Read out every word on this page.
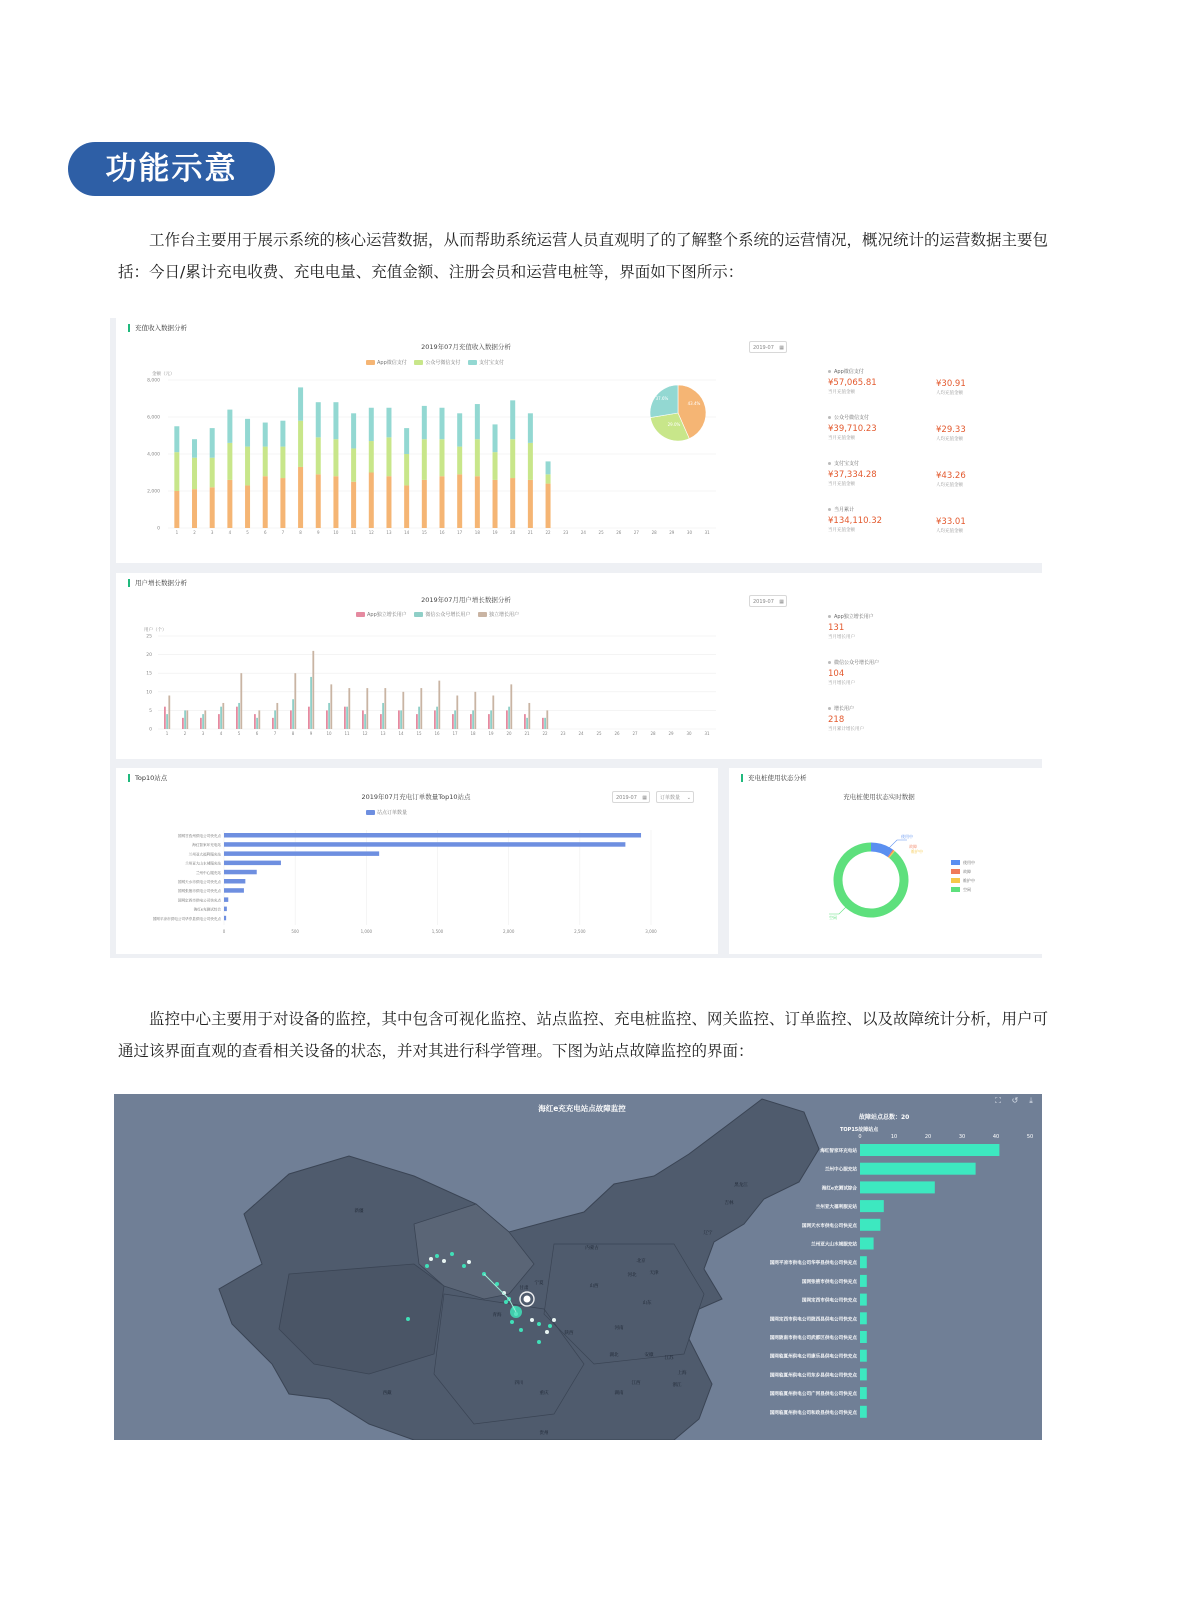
功能示意
工作台主要用于展示系统的核心运营数据，从而帮助系统运营人员直观明了的了解整个系统的运营情况，概况统计的运营数据主要包括：今日/累计充电收费、充电电量、充值金额、注册会员和运营电桩等，界面如下图所示：
充值收入数据分析
2019年07月充值收入数据分析	2019-07 ▦
App微信支付
	公众号微信支付
	支付宝支付
金额（元）
8,000
6,000
4,000
2,000
0
1	2	3	4	5	6	7	8	9	10	11	12	13	14	15	16	17	18	19	20	21	22	23	24	25	26	27	28	29	30	31
43.4%
29.0%
37.6%
App微信支付
¥57,065.81
当月充值金额
¥30.91
人均充值金额
公众号微信支付
¥39,710.23
当月充值金额
¥29.33
人均充值金额
支付宝支付
¥37,334.28
当月充值金额
¥43.26
人均充值金额
当月累计
¥134,110.32
当月充值金额
¥33.01
人均充值金额
用户增长数据分析
2019年07月用户增长数据分析	2019-07 ▦
App独立增长用户
	微信公众号增长用户
	独立增长用户
用户（个）
25
20
15
10
5
0
1	2	3	4	5	6	7	8	9	10	11	12	13	14	15	16	17	18	19	20	21	22	23	24	25	26	27	28	29	30	31
App独立增长用户
131
当月增长用户
微信公众号增长用户
104
当月增长用户
增长用户
218
当月累计增长用户
Top10站点
2019年07月充电订单数量Top10站点	2019-07 ▦	订单数量 ⌄
站点订单数量
0	500	1,000	1,500	2,000	2,500	3,000
国网甘孜州供电公司快充点
海红智家环充电站
兰州亚大福利服充站
兰州亚大山水城服充站
兰州中心服充站
国网天水市供电公司快充点
国网张掖市供电公司快充点
国网定西市供电公司快充点
海红e充测试综合
国网平凉市供电公司华亭县供电公司快充点
充电桩使用状态分析
充电桩使用状态实时数据
使用中
故障
维护中
空闲
使用中
故障
维护中
空闲
监控中心主要用于对设备的监控，其中包含可视化监控、站点监控、充电桩监控、网关监控、订单监控、以及故障统计分析，用户可通过该界面直观的查看相关设备的状态，并对其进行科学管理。下图为站点故障监控的界面：
新疆
西藏
青海
四川
甘肃
内蒙古
宁夏
陕西
山西
河北
北京
天津
山东
河南
湖北	安徽
江苏
上海
浙江
湖南
江西
重庆
贵州
辽宁
吉林
黑龙江
海红e充充电站点故障监控
故障站点总数：20
TOP15故障站点
⛶ ↺ ⤓
0	10	20	30	40	50
海红智家环充电站
兰州中心服充站
海红e充测试综合
兰州亚大福利服充站
国网天水市供电公司快充点
兰州亚大山水城服充站
国网平凉市供电公司华亭县供电公司快充点
国网张掖市供电公司快充点
国网定西市供电公司快充点
国网定西市供电公司陇西县供电公司快充点
国网陇南市供电公司武都区供电公司快充点
国网临夏州供电公司康乐县供电公司快充点
国网临夏州供电公司东乡县供电公司快充点
国网临夏州供电公司广河县供电公司快充点
国网临夏州供电公司和政县供电公司快充点
